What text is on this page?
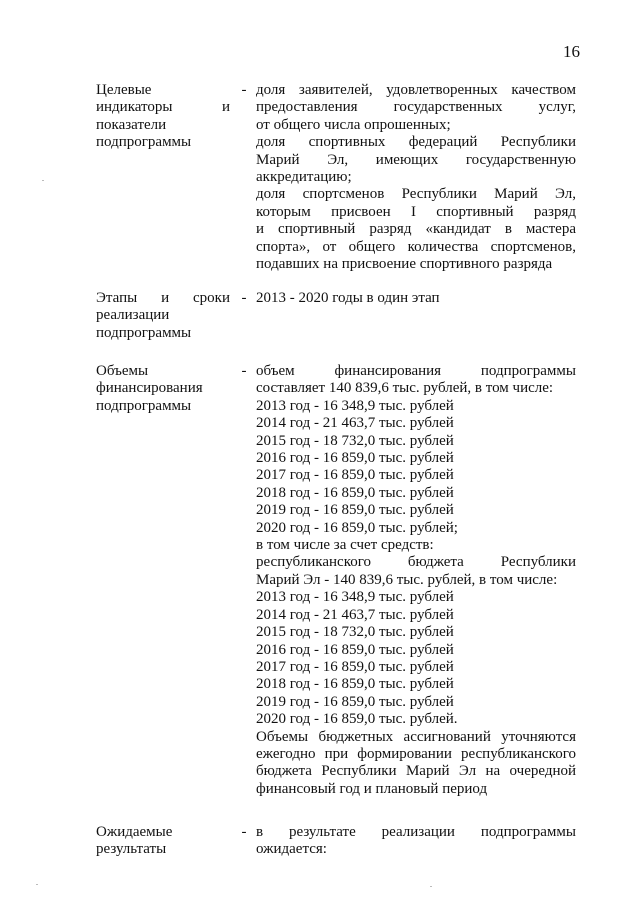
16
Целевые
индикаторы и
показатели
подпрограммы
- доля заявителей, удовлетворенных качеством
предоставления государственных услуг,
от общего числа опрошенных;
доля спортивных федераций Республики
Марий Эл, имеющих государственную
аккредитацию;
доля спортсменов Республики Марий Эл,
которым присвоен I спортивный разряд
и спортивный разряд «кандидат в мастера
спорта», от общего количества спортсменов,
подавших на присвоение спортивного разряда
Этапы и сроки
реализации
подпрограммы
- 2013 - 2020 годы в один этап
Объемы
финансирования
подпрограммы
- объем финансирования подпрограммы
составляет 140 839,6 тыс. рублей, в том числе:
2013 год - 16 348,9 тыс. рублей
2014 год - 21 463,7 тыс. рублей
2015 год - 18 732,0 тыс. рублей
2016 год - 16 859,0 тыс. рублей
2017 год - 16 859,0 тыс. рублей
2018 год - 16 859,0 тыс. рублей
2019 год - 16 859,0 тыс. рублей
2020 год - 16 859,0 тыс. рублей;
в том числе за счет средств:
республиканского бюджета Республики
Марий Эл - 140 839,6 тыс. рублей, в том числе:
2013 год - 16 348,9 тыс. рублей
2014 год - 21 463,7 тыс. рублей
2015 год - 18 732,0 тыс. рублей
2016 год - 16 859,0 тыс. рублей
2017 год - 16 859,0 тыс. рублей
2018 год - 16 859,0 тыс. рублей
2019 год - 16 859,0 тыс. рублей
2020 год - 16 859,0 тыс. рублей.
Объемы бюджетных ассигнований уточняются
ежегодно при формировании республиканского
бюджета Республики Марий Эл на очередной
финансовый год и плановый период
Ожидаемые
результаты
- в результате реализации подпрограммы
ожидается:
